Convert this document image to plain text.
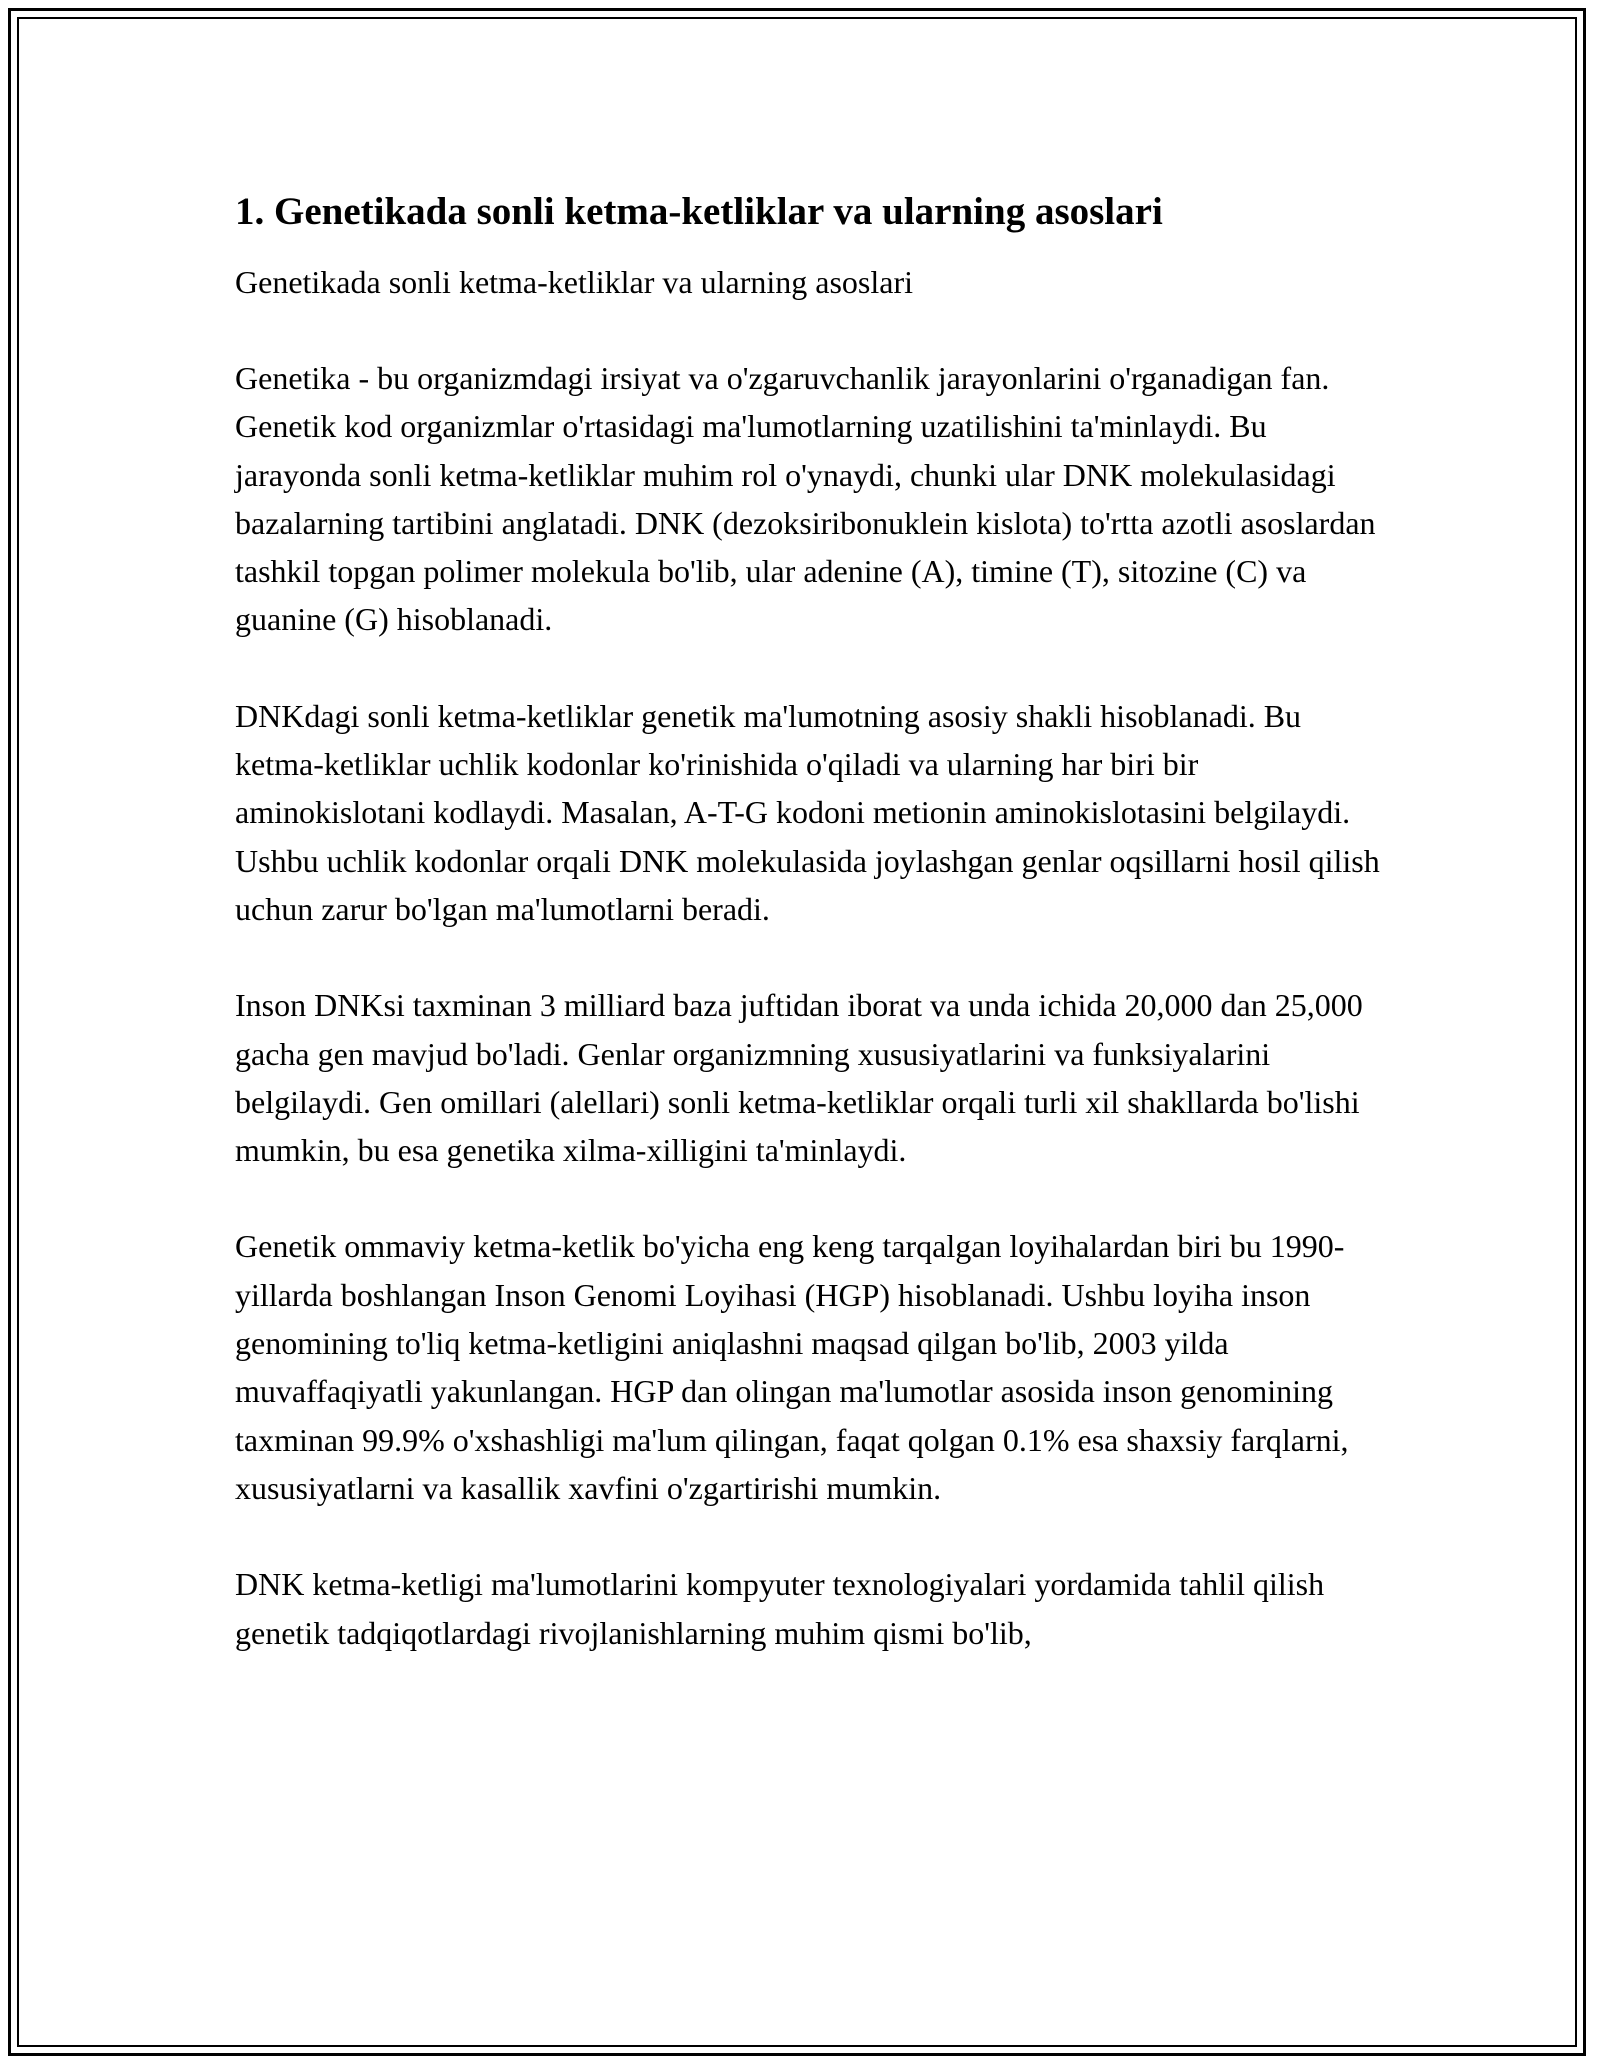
1. Genetikada sonli ketma-ketliklar va ularning asoslari

Genetikada sonli ketma-ketliklar va ularning asoslari

Genetika - bu organizmdagi irsiyat va o'zgaruvchanlik jarayonlarini o'rganadigan fan. Genetik kod organizmlar o'rtasidagi ma'lumotlarning uzatilishini ta'minlaydi. Bu jarayonda sonli ketma-ketliklar muhim rol o'ynaydi, chunki ular DNK molekulasidagi bazalarning tartibini anglatadi. DNK (dezoksiribonuklein kislota) to'rtta azotli asoslardan tashkil topgan polimer molekula bo'lib, ular adenine (A), timine (T), sitozine (C) va guanine (G) hisoblanadi.

DNKdagi sonli ketma-ketliklar genetik ma'lumotning asosiy shakli hisoblanadi. Bu ketma-ketliklar uchlik kodonlar ko'rinishida o'qiladi va ularning har biri bir aminokislotani kodlaydi. Masalan, A-T-G kodoni metionin aminokislotasini belgilaydi. Ushbu uchlik kodonlar orqali DNK molekulasida joylashgan genlar oqsillarni hosil qilish uchun zarur bo'lgan ma'lumotlarni beradi.

Inson DNKsi taxminan 3 milliard baza juftidan iborat va unda ichida 20,000 dan 25,000 gacha gen mavjud bo'ladi. Genlar organizmning xususiyatlarini va funksiyalarini belgilaydi. Gen omillari (alellari) sonli ketma-ketliklar orqali turli xil shakllarda bo'lishi mumkin, bu esa genetika xilma-xilligini ta'minlaydi.

Genetik ommaviy ketma-ketlik bo'yicha eng keng tarqalgan loyihalardan biri bu 1990-yillarda boshlangan Inson Genomi Loyihasi (HGP) hisoblanadi. Ushbu loyiha inson genomining to'liq ketma-ketligini aniqlashni maqsad qilgan bo'lib, 2003 yilda muvaffaqiyatli yakunlangan. HGP dan olingan ma'lumotlar asosida inson genomining taxminan 99.9% o'xshashligi ma'lum qilingan, faqat qolgan 0.1% esa shaxsiy farqlarni, xususiyatlarni va kasallik xavfini o'zgartirishi mumkin.

DNK ketma-ketligi ma'lumotlarini kompyuter texnologiyalari yordamida tahlil qilish genetik tadqiqotlardagi rivojlanishlarning muhim qismi bo'lib,
